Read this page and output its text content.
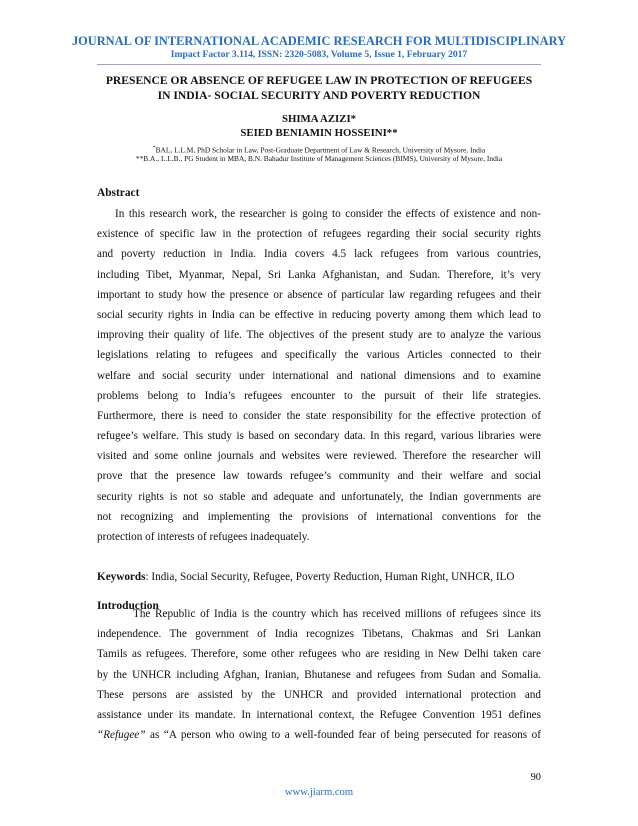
JOURNAL OF INTERNATIONAL ACADEMIC RESEARCH FOR MULTIDISCIPLINARY
Impact Factor 3.114, ISSN: 2320-5083, Volume 5, Issue 1, February 2017
PRESENCE OR ABSENCE OF REFUGEE LAW IN PROTECTION OF REFUGEES
IN INDIA- SOCIAL SECURITY AND POVERTY REDUCTION
SHIMA AZIZI*
SEIED BENIAMIN HOSSEINI**
*BAL, L.L.M, PhD Scholar in Law, Post-Graduate Department of Law & Research, University of Mysore, India
**B.A., L.L.B., PG Student in MBA, B.N. Bahadur Institute of Management Sciences (BIMS), University of Mysore, India
Abstract
In this research work, the researcher is going to consider the effects of existence and non-
existence of specific law in the protection of refugees regarding their social security rights
and poverty reduction in India. India covers 4.5 lack refugees from various countries,
including Tibet, Myanmar, Nepal, Sri Lanka Afghanistan, and Sudan. Therefore, it’s very
important to study how the presence or absence of particular law regarding refugees and their
social security rights in India can be effective in reducing poverty among them which lead to
improving their quality of life. The objectives of the present study are to analyze the various
legislations relating to refugees and specifically the various Articles connected to their
welfare and social security under international and national dimensions and to examine
problems belong to India’s refugees encounter to the pursuit of their life strategies.
Furthermore, there is need to consider the state responsibility for the effective protection of
refugee’s welfare. This study is based on secondary data. In this regard, various libraries were
visited and some online journals and websites were reviewed. Therefore the researcher will
prove that the presence law towards refugee’s community and their welfare and social
security rights is not so stable and adequate and unfortunately, the Indian governments are
not recognizing and implementing the provisions of international conventions for the
protection of interests of refugees inadequately.
Keywords: India, Social Security, Refugee, Poverty Reduction, Human Right, UNHCR, ILO
Introduction
The Republic of India is the country which has received millions of refugees since its
independence. The government of India recognizes Tibetans, Chakmas and Sri Lankan
Tamils as refugees. Therefore, some other refugees who are residing in New Delhi taken care
by the UNHCR including Afghan, Iranian, Bhutanese and refugees from Sudan and Somalia.
These persons are assisted by the UNHCR and provided international protection and
assistance under its mandate. In international context, the Refugee Convention 1951 defines
“Refugee” as “A person who owing to a well-founded fear of being persecuted for reasons of
90
www.jiarm.com
